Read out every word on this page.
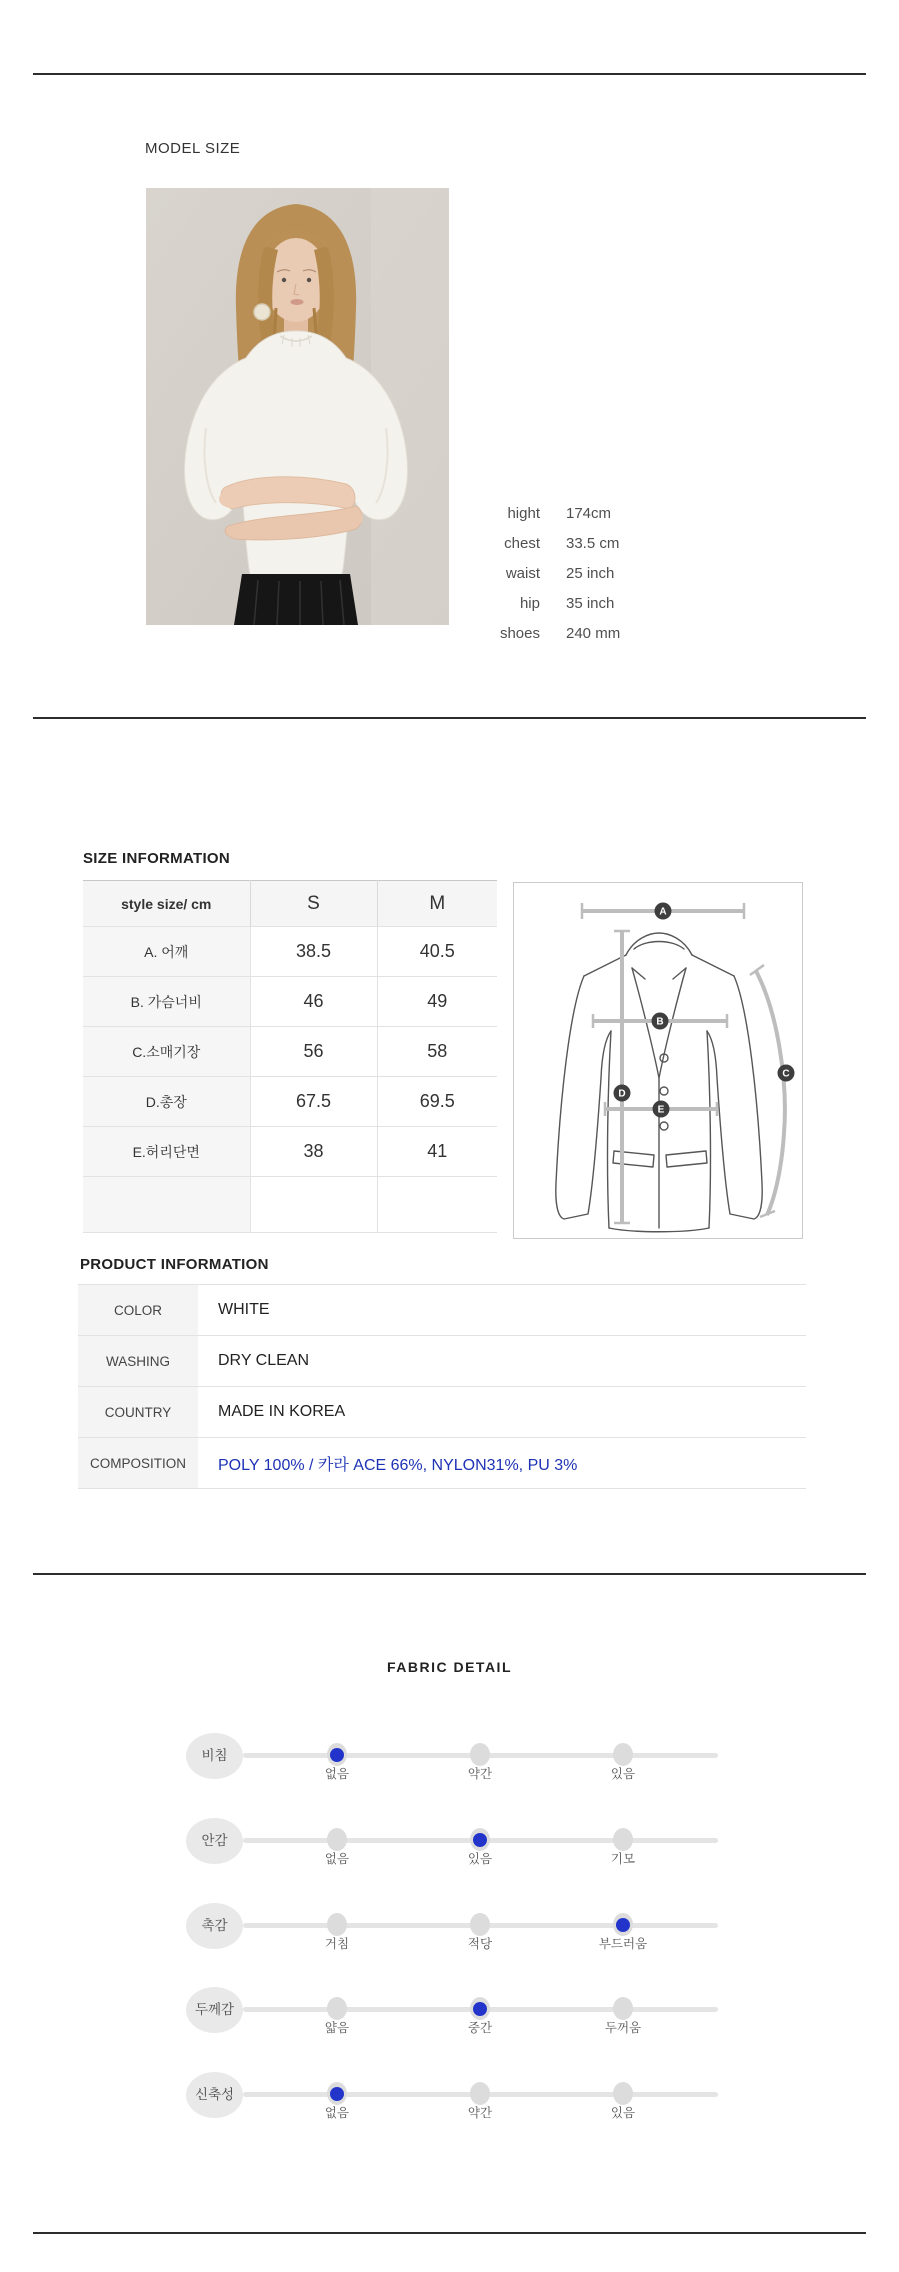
MODEL SIZE
hight 174cm
chest 33.5 cm
waist 25 inch
hip 35 inch
shoes 240 mm
SIZE INFORMATION
style size/ cm	S	M
A. 어깨	38.5	40.5
B. 가슴너비	46	49
C.소매기장	56	58
D.총장	67.5	69.5
E.허리단면	38	41

A
B
C
D
E
PRODUCT INFORMATION
COLOR	WHITE
WASHING	DRY CLEAN
COUNTRY	MADE IN KOREA
COMPOSITION	POLY 100% / 카라 ACE 66%, NYLON31%, PU 3%
FABRIC DETAIL
비침
없음	약간	있음
안감
없음	있음	기모
촉감
거침	적당	부드러움
두께감
얇음	중간	두꺼움
신축성
없음	약간	있음
